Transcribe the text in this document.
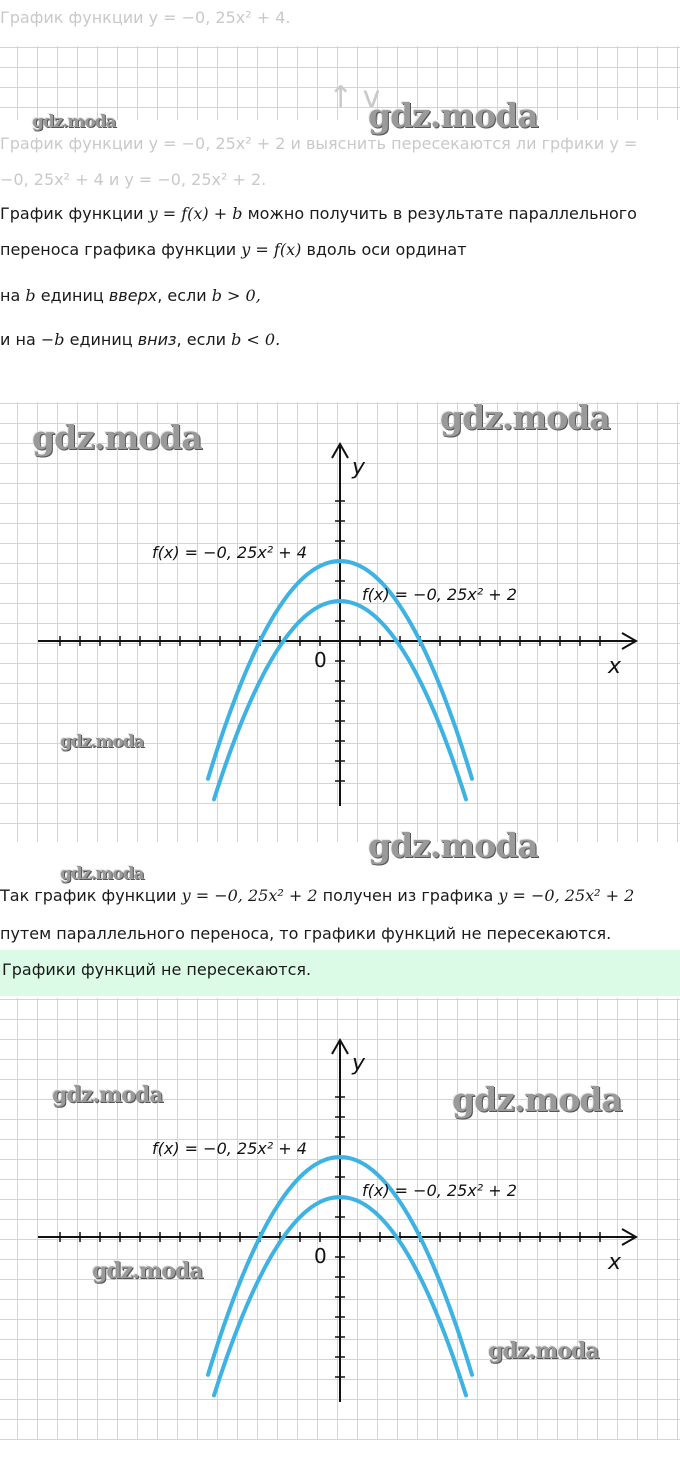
График функции y = −0, 25x² + 4.
↑ v
График функции y = −0, 25x² + 2 и выяснить пересекаются ли грфики y =
−0, 25x² + 4 и y = −0, 25x² + 2.
График функции y = f(x) + b можно получить в результате параллельного
переноса графика функции y = f(x) вдоль оси ординат
на b единиц вверх, если b > 0,
и на −b единиц вниз, если b < 0.
x
y
0
f(x) = −0, 25x² + 4
f(x) = −0, 25x² + 2
Так график функции y = −0, 25x² + 2 получен из графика y = −0, 25x² + 2
путем параллельного переноса, то графики функций не пересекаются.
Графики функций не пересекаются.
x
y
0
f(x) = −0, 25x² + 4
f(x) = −0, 25x² + 2
gdz.moda	gdz.moda
gdz.moda
gdz.moda
gdz.moda
gdz.moda
gdz.moda
gdz.moda	gdz.moda
gdz.moda
gdz.moda
